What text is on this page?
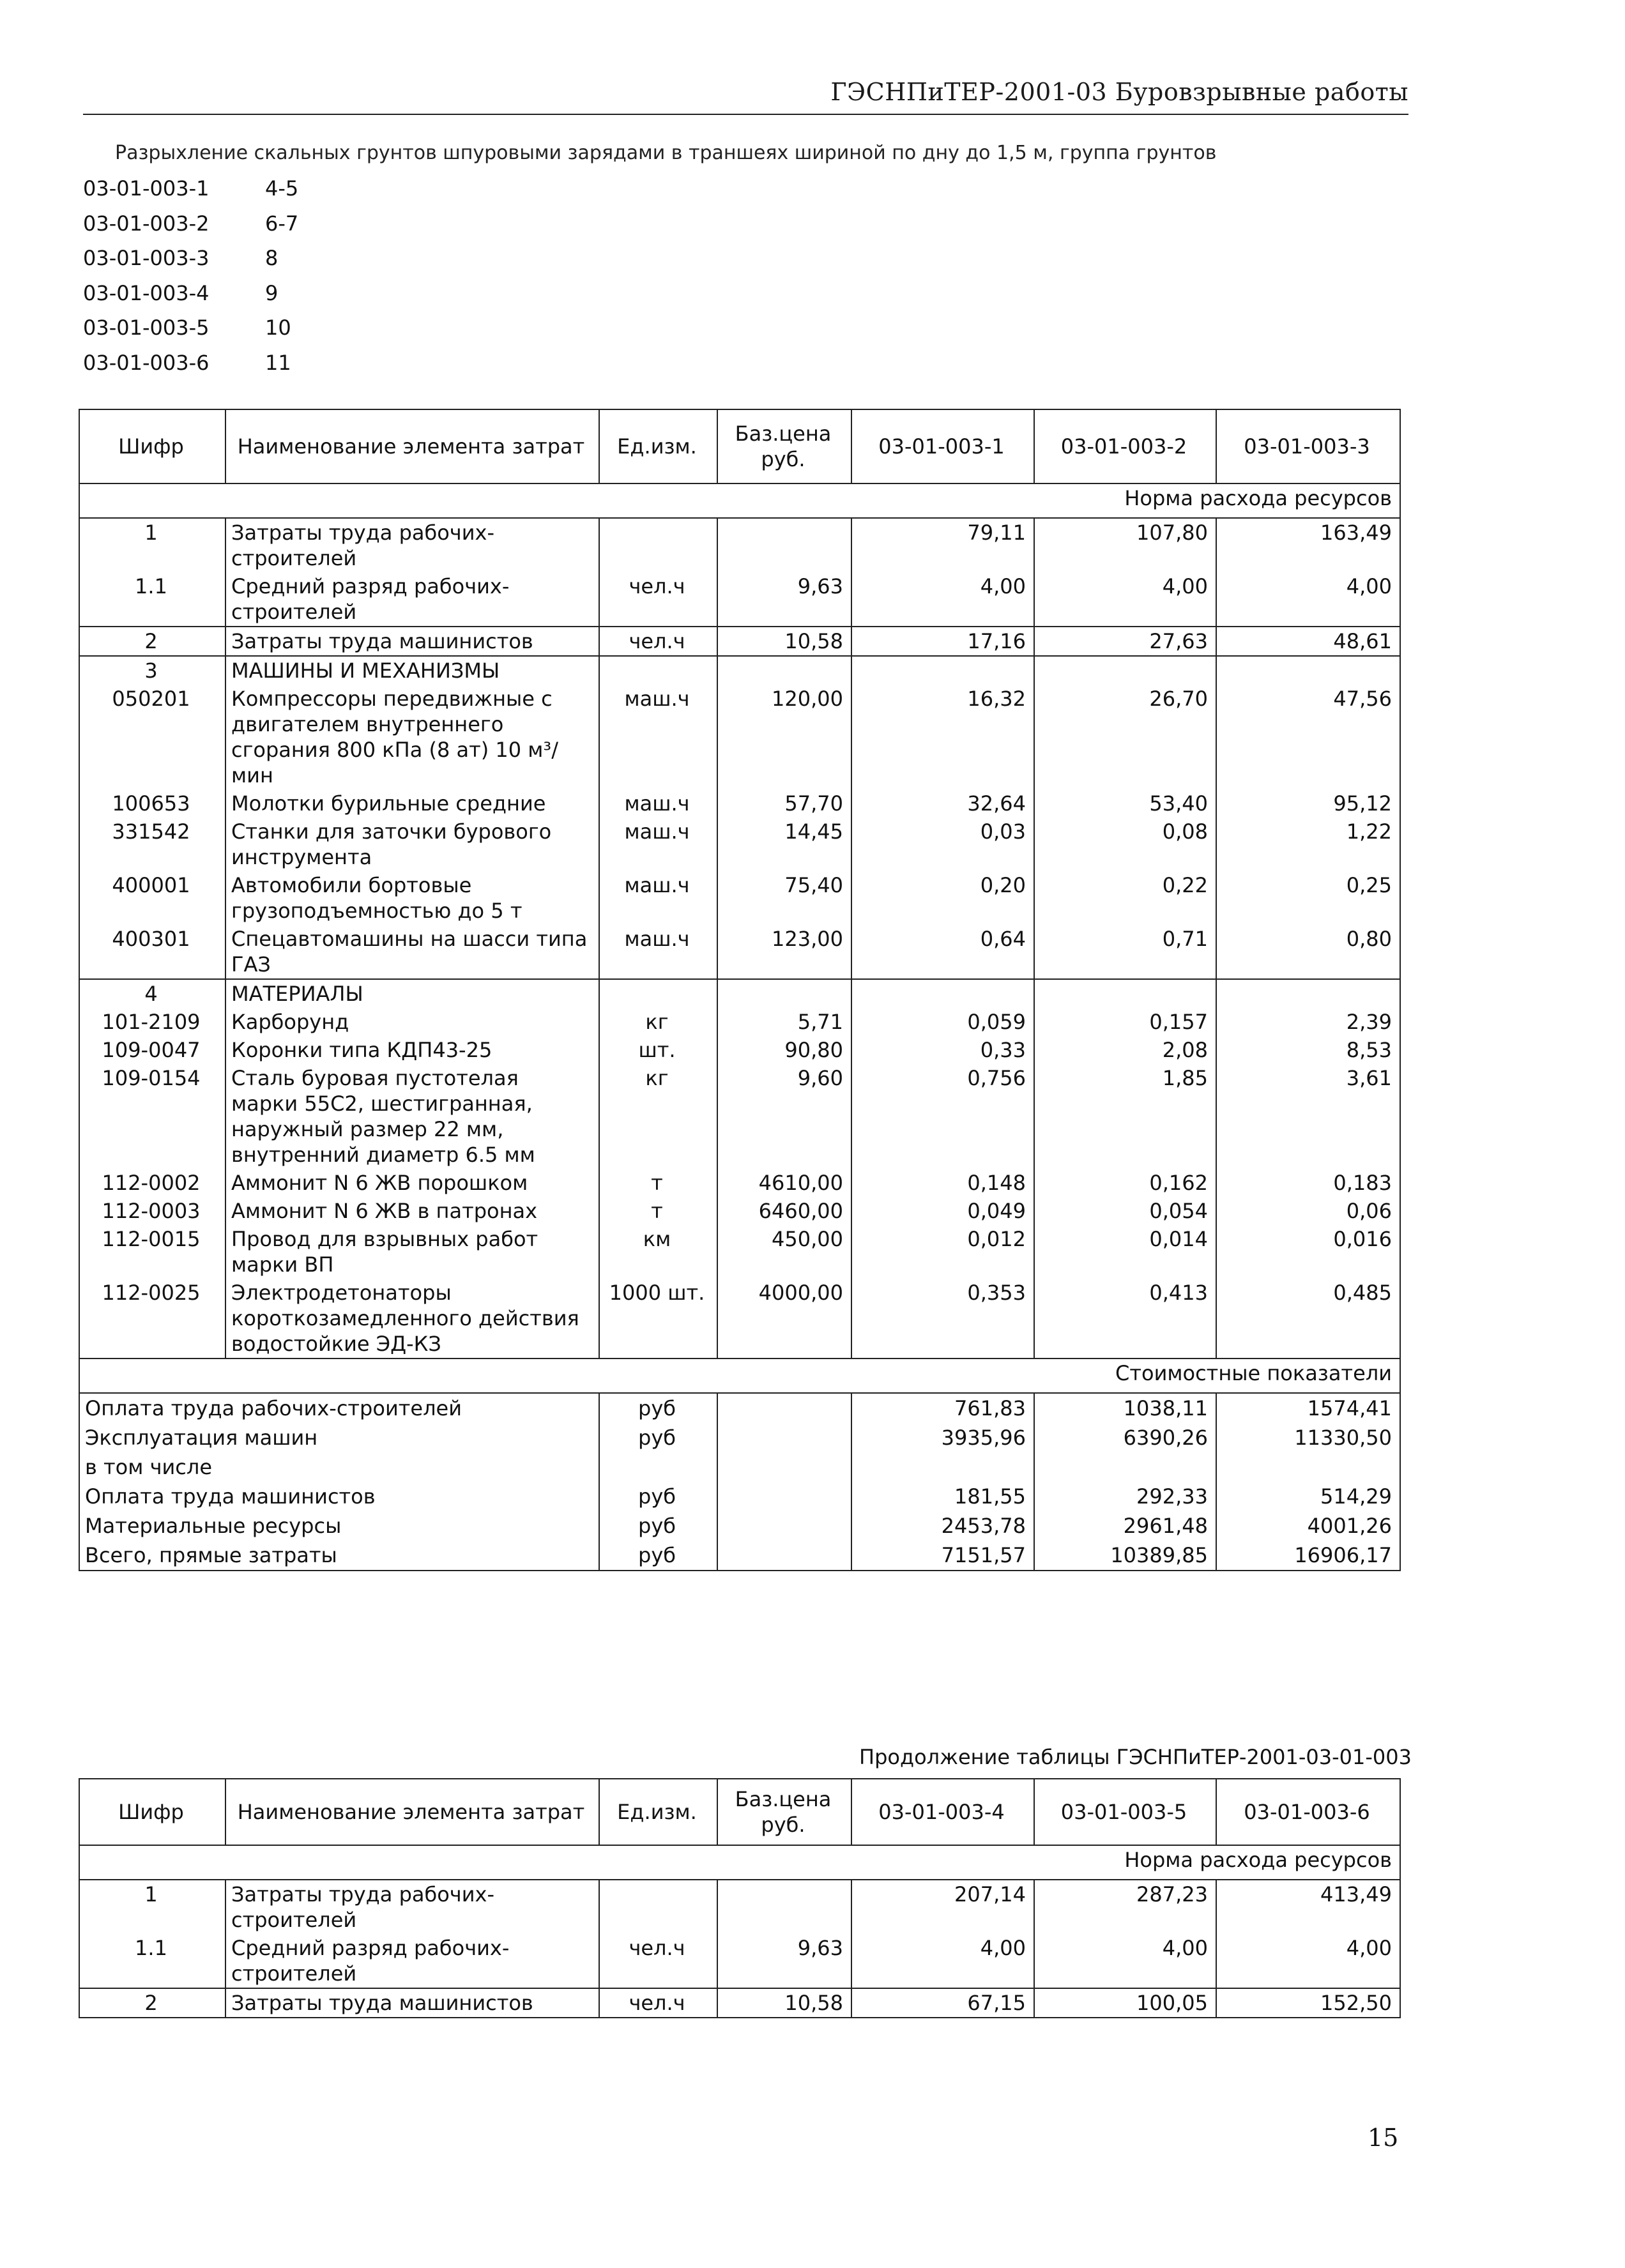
ГЭСНПиТЕР-2001-03 Буровзрывные работы
Разрыхление скальных грунтов шпуровыми зарядами в траншеях шириной по дну до 1,5 м, группа грунтов
03-01-003-1	4-5
03-01-003-2	6-7
03-01-003-3	8
03-01-003-4	9
03-01-003-5	10
03-01-003-6	11
Шифр	Наименование элемента затрат	Ед.изм.	Баз.цена руб.	03-01-003-1	03-01-003-2	03-01-003-3
Норма расхода ресурсов						
1	Затраты труда рабочих-строителей			79,11	107,80	163,49
1.1	Средний разряд рабочих-строителей	чел.ч	9,63	4,00	4,00	4,00
2	Затраты труда машинистов	чел.ч	10,58	17,16	27,63	48,61
3	МАШИНЫ И МЕХАНИЗМЫ					
050201	Компрессоры передвижные с двигателем внутреннего сгорания 800 кПа (8 ат) 10 м³/мин	маш.ч	120,00	16,32	26,70	47,56
100653	Молотки бурильные средние	маш.ч	57,70	32,64	53,40	95,12
331542	Станки для заточки бурового инструмента	маш.ч	14,45	0,03	0,08	1,22
400001	Автомобили бортовые грузоподъемностью до 5 т	маш.ч	75,40	0,20	0,22	0,25
400301	Спецавтомашины на шасси типа ГАЗ	маш.ч	123,00	0,64	0,71	0,80
4	МАТЕРИАЛЫ					
101-2109	Карборунд	кг	5,71	0,059	0,157	2,39
109-0047	Коронки типа КДП43-25	шт.	90,80	0,33	2,08	8,53
109-0154	Сталь буровая пустотелая марки 55С2, шестигранная, наружный размер 22 мм, внутренний диаметр 6.5 мм	кг	9,60	0,756	1,85	3,61
112-0002	Аммонит N 6 ЖВ порошком	т	4610,00	0,148	0,162	0,183
112-0003	Аммонит N 6 ЖВ в патронах	т	6460,00	0,049	0,054	0,06
112-0015	Провод для взрывных работ марки ВП	км	450,00	0,012	0,014	0,016
112-0025	Электродетонаторы короткозамедленного действия водостойкие ЭД-КЗ	1000 шт.	4000,00	0,353	0,413	0,485
Стоимостные показатели						
Оплата труда рабочих-строителей		руб		761,83	1038,11	1574,41
Эксплуатация машин		руб		3935,96	6390,26	11330,50
в том числе						
Оплата труда машинистов		руб		181,55	292,33	514,29
Материальные ресурсы		руб		2453,78	2961,48	4001,26
Всего, прямые затраты		руб		7151,57	10389,85	16906,17
Продолжение таблицы ГЭСНПиТЕР-2001-03-01-003
Шифр	Наименование элемента затрат	Ед.изм.	Баз.цена руб.	03-01-003-4	03-01-003-5	03-01-003-6
Норма расхода ресурсов						
1	Затраты труда рабочих-строителей			207,14	287,23	413,49
1.1	Средний разряд рабочих-строителей	чел.ч	9,63	4,00	4,00	4,00
2	Затраты труда машинистов	чел.ч	10,58	67,15	100,05	152,50
15
